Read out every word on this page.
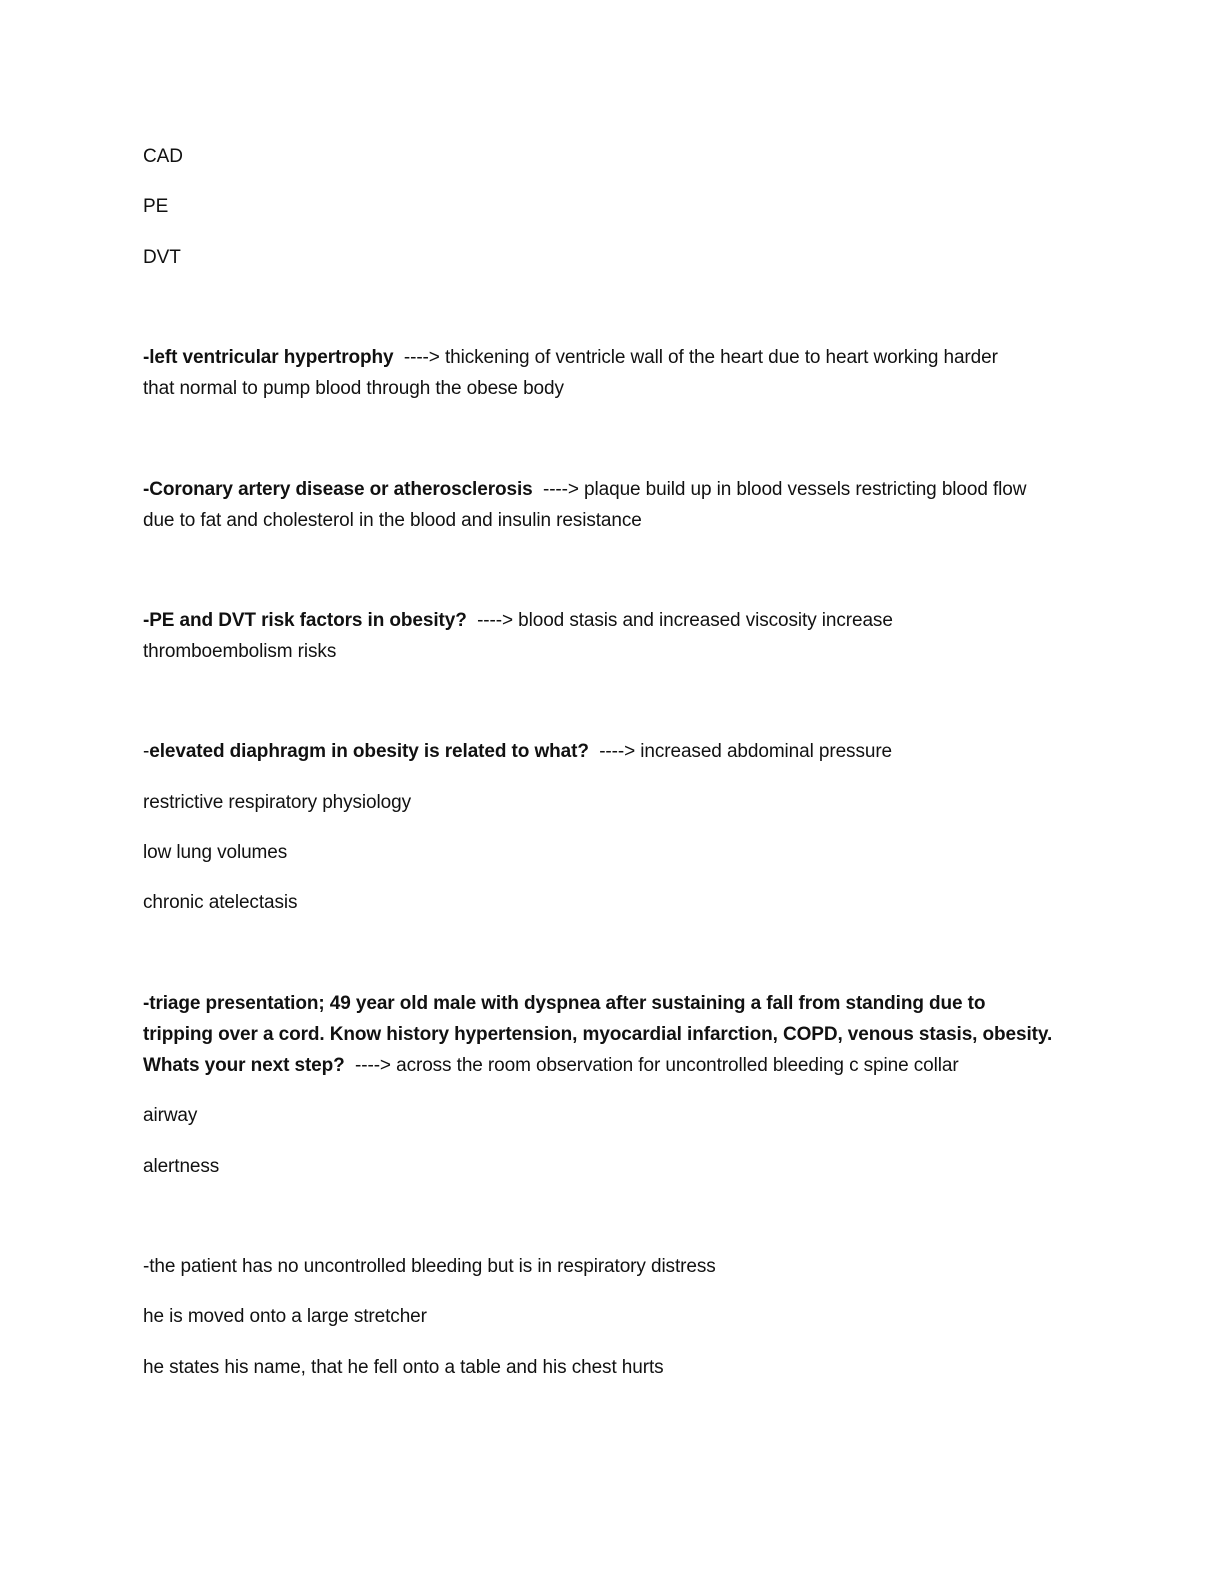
CAD
PE
DVT
-left ventricular hypertrophy ----> thickening of ventricle wall of the heart due to heart working harder
that normal to pump blood through the obese body
-Coronary artery disease or atherosclerosis ----> plaque build up in blood vessels restricting blood flow
due to fat and cholesterol in the blood and insulin resistance
-PE and DVT risk factors in obesity? ----> blood stasis and increased viscosity increase
thromboembolism risks
-elevated diaphragm in obesity is related to what? ----> increased abdominal pressure
restrictive respiratory physiology
low lung volumes
chronic atelectasis
-triage presentation; 49 year old male with dyspnea after sustaining a fall from standing due to
tripping over a cord. Know history hypertension, myocardial infarction, COPD, venous stasis, obesity.
Whats your next step? ----> across the room observation for uncontrolled bleeding c spine collar
airway
alertness
-the patient has no uncontrolled bleeding but is in respiratory distress
he is moved onto a large stretcher
he states his name, that he fell onto a table and his chest hurts
